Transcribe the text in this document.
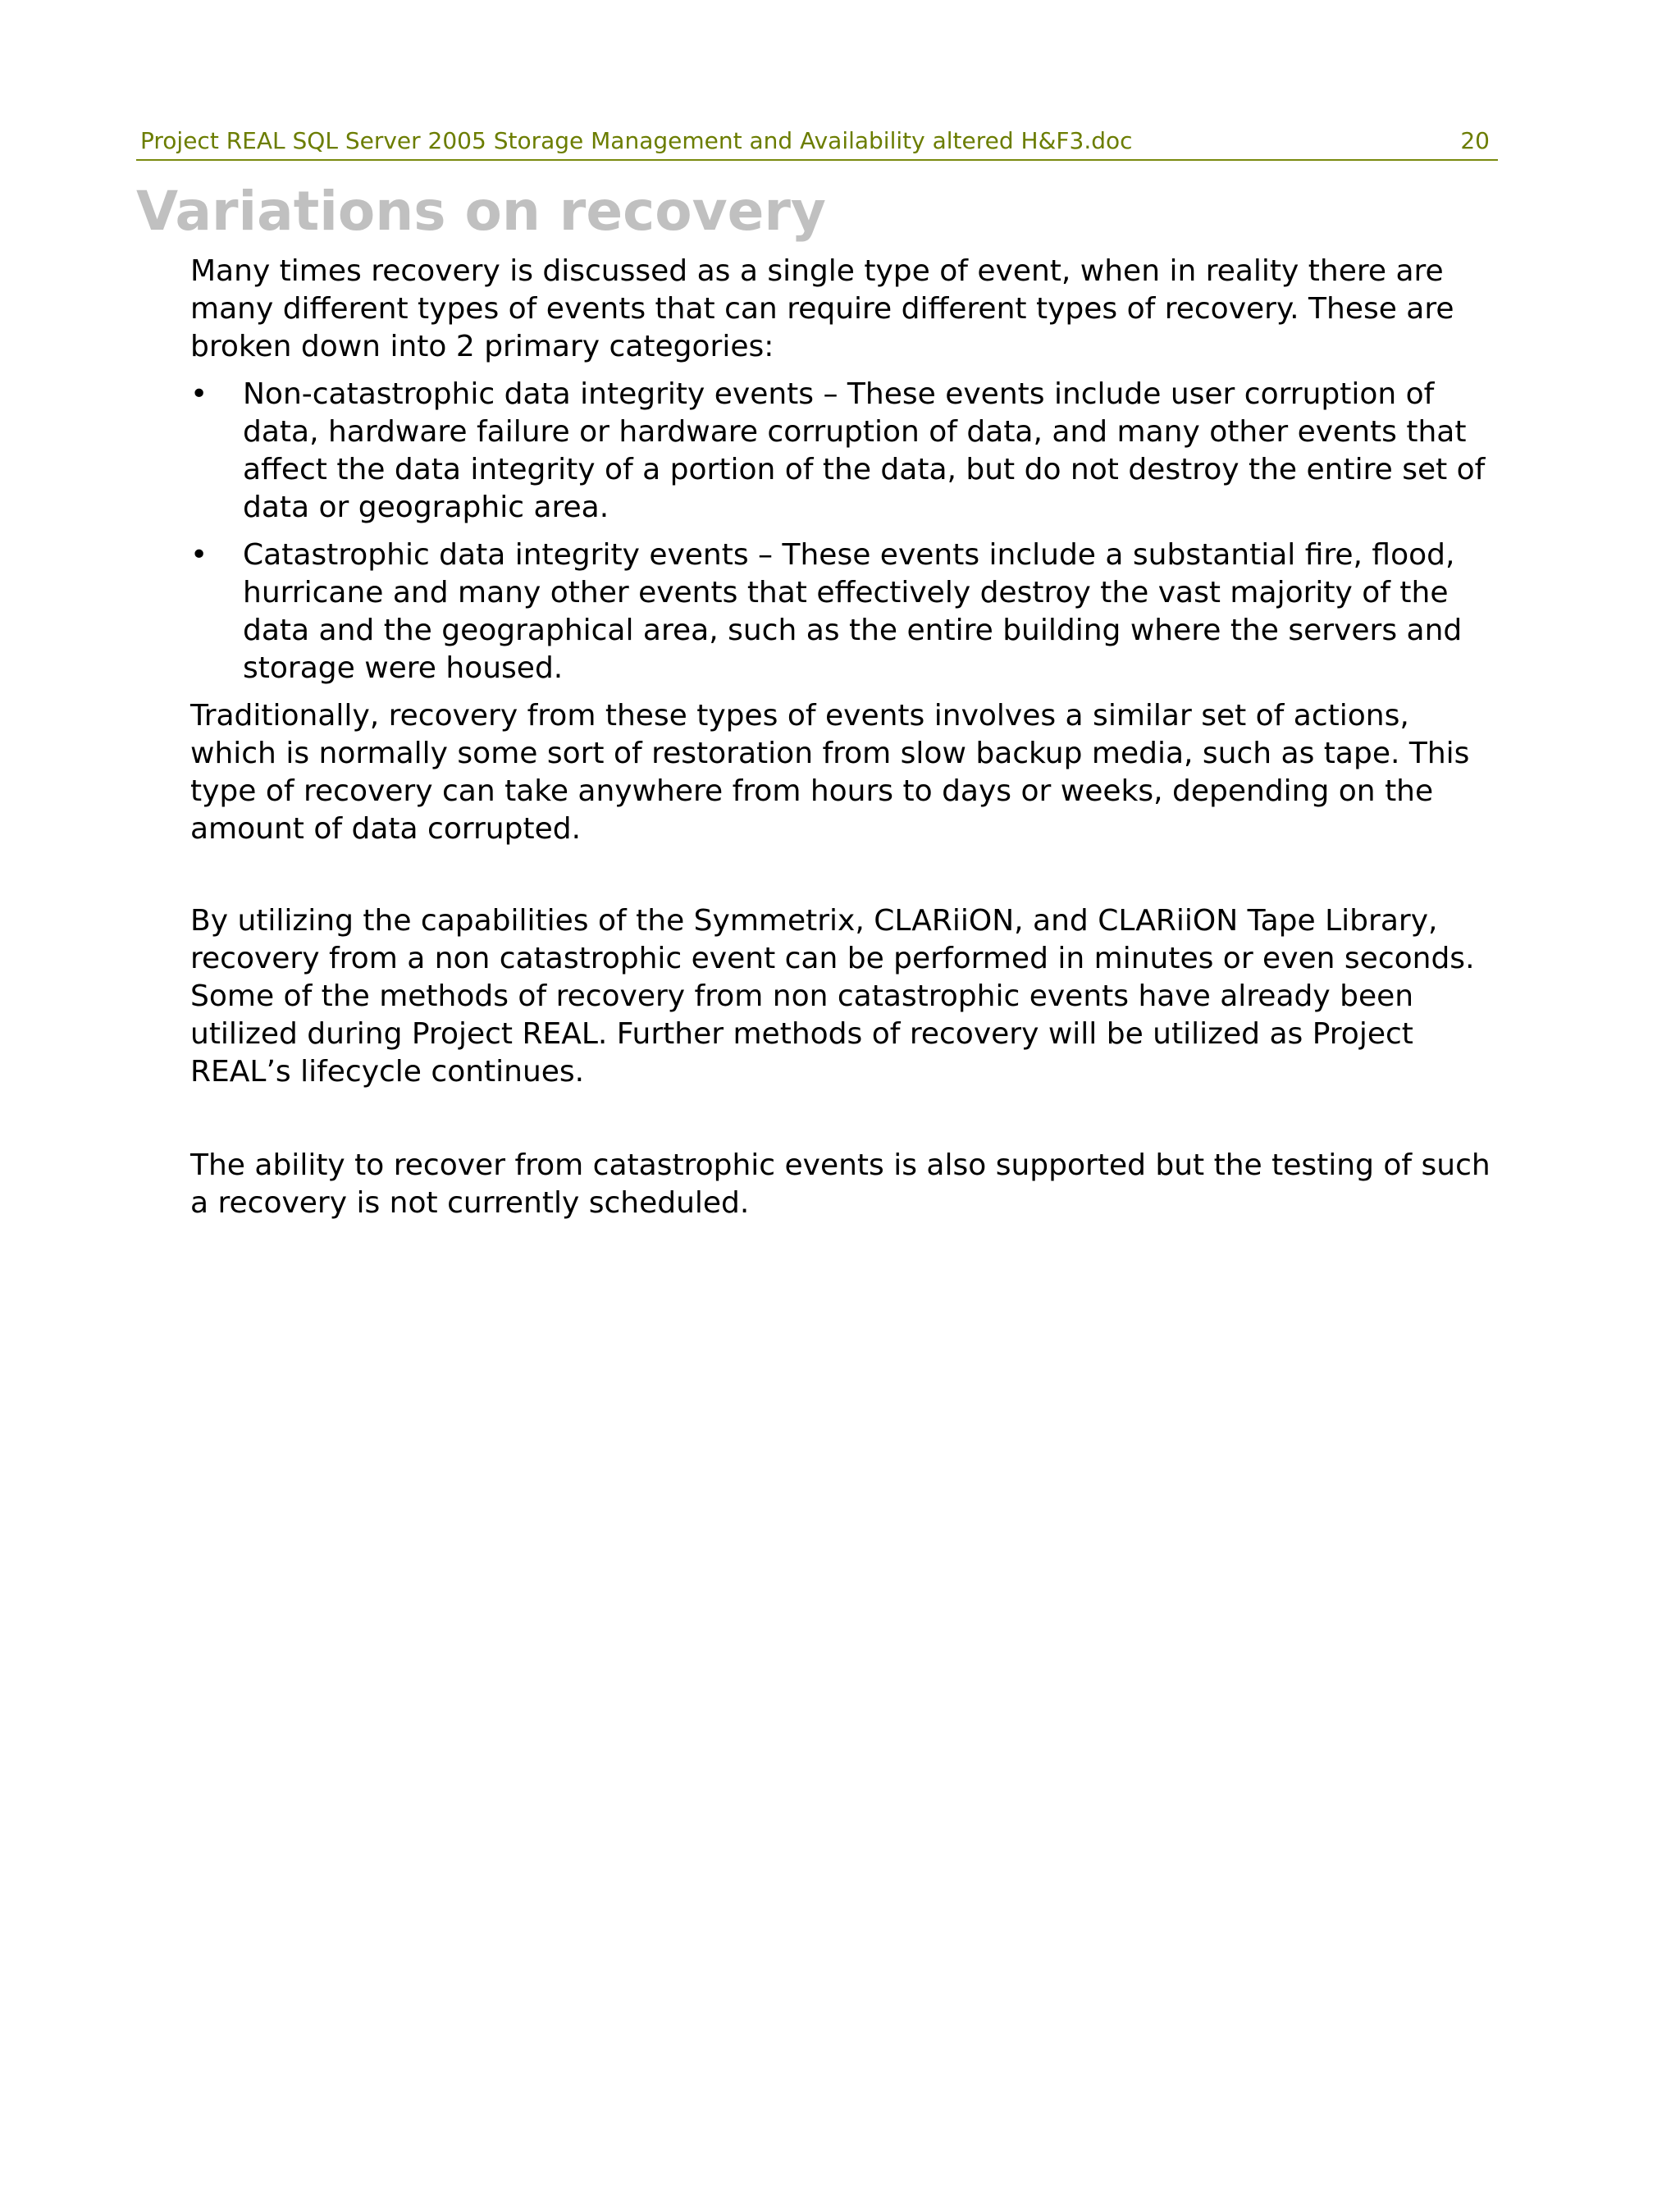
Project REAL SQL Server 2005 Storage Management and Availability altered H&F3.doc	20
Variations on recovery

Many times recovery is discussed as a single type of event, when in reality there are many different types of events that can require different types of recovery. These are broken down into 2 primary categories:

• Non-catastrophic data integrity events – These events include user corruption of data, hardware failure or hardware corruption of data, and many other events that affect the data integrity of a portion of the data, but do not destroy the entire set of data or geographic area.
• Catastrophic data integrity events – These events include a substantial fire, flood, hurricane and many other events that effectively destroy the vast majority of the data and the geographical area, such as the entire building where the servers and storage were housed.

Traditionally, recovery from these types of events involves a similar set of actions, which is normally some sort of restoration from slow backup media, such as tape. This type of recovery can take anywhere from hours to days or weeks, depending on the amount of data corrupted.

By utilizing the capabilities of the Symmetrix, CLARiiON, and CLARiiON Tape Library, recovery from a non catastrophic event can be performed in minutes or even seconds. Some of the methods of recovery from non catastrophic events have already been utilized during Project REAL. Further methods of recovery will be utilized as Project REAL’s lifecycle continues.

The ability to recover from catastrophic events is also supported but the testing of such a recovery is not currently scheduled.
